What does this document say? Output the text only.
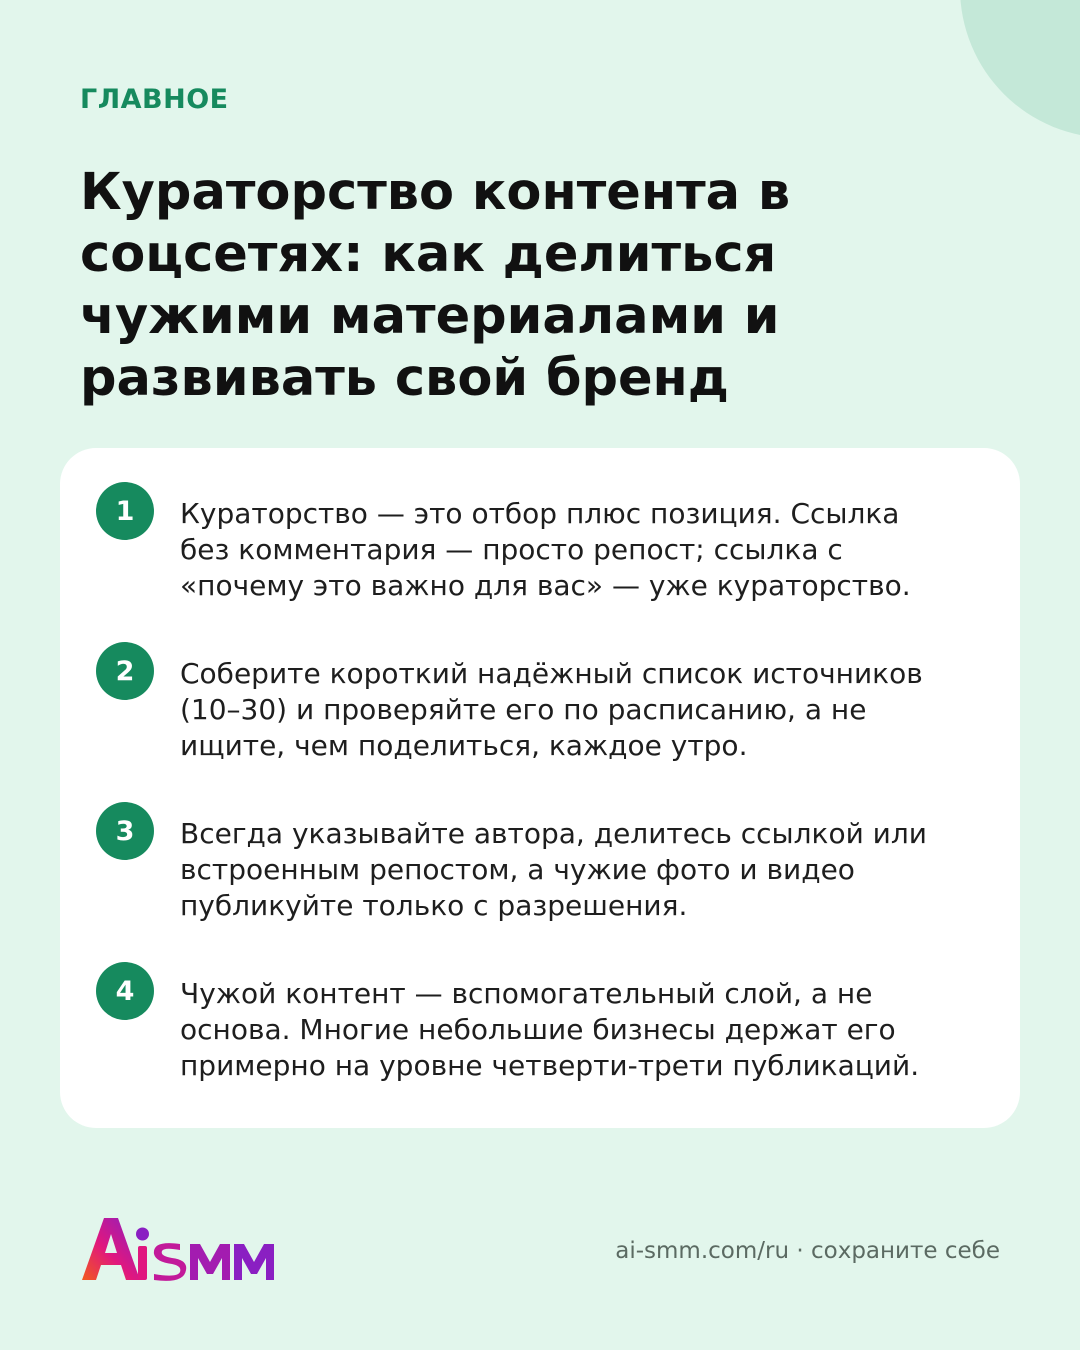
ГЛАВНОЕ
Кураторство контента в соцсетях: как делиться чужими материалами и развивать свой бренд
1	Кураторство — это отбор плюс позиция. Ссылка без комментария — просто репост; ссылка с «почему это важно для вас» — уже кураторство.
2	Соберите короткий надёжный список источников (10–30) и проверяйте его по расписанию, а не ищите, чем поделиться, каждое утро.
3	Всегда указывайте автора, делитесь ссылкой или встроенным репостом, а чужие фото и видео публикуйте только с разрешения.
4	Чужой контент — вспомогательный слой, а не основа. Многие небольшие бизнесы держат его примерно на уровне четверти-трети публикаций.
ai-smm.com/ru · сохраните себе
